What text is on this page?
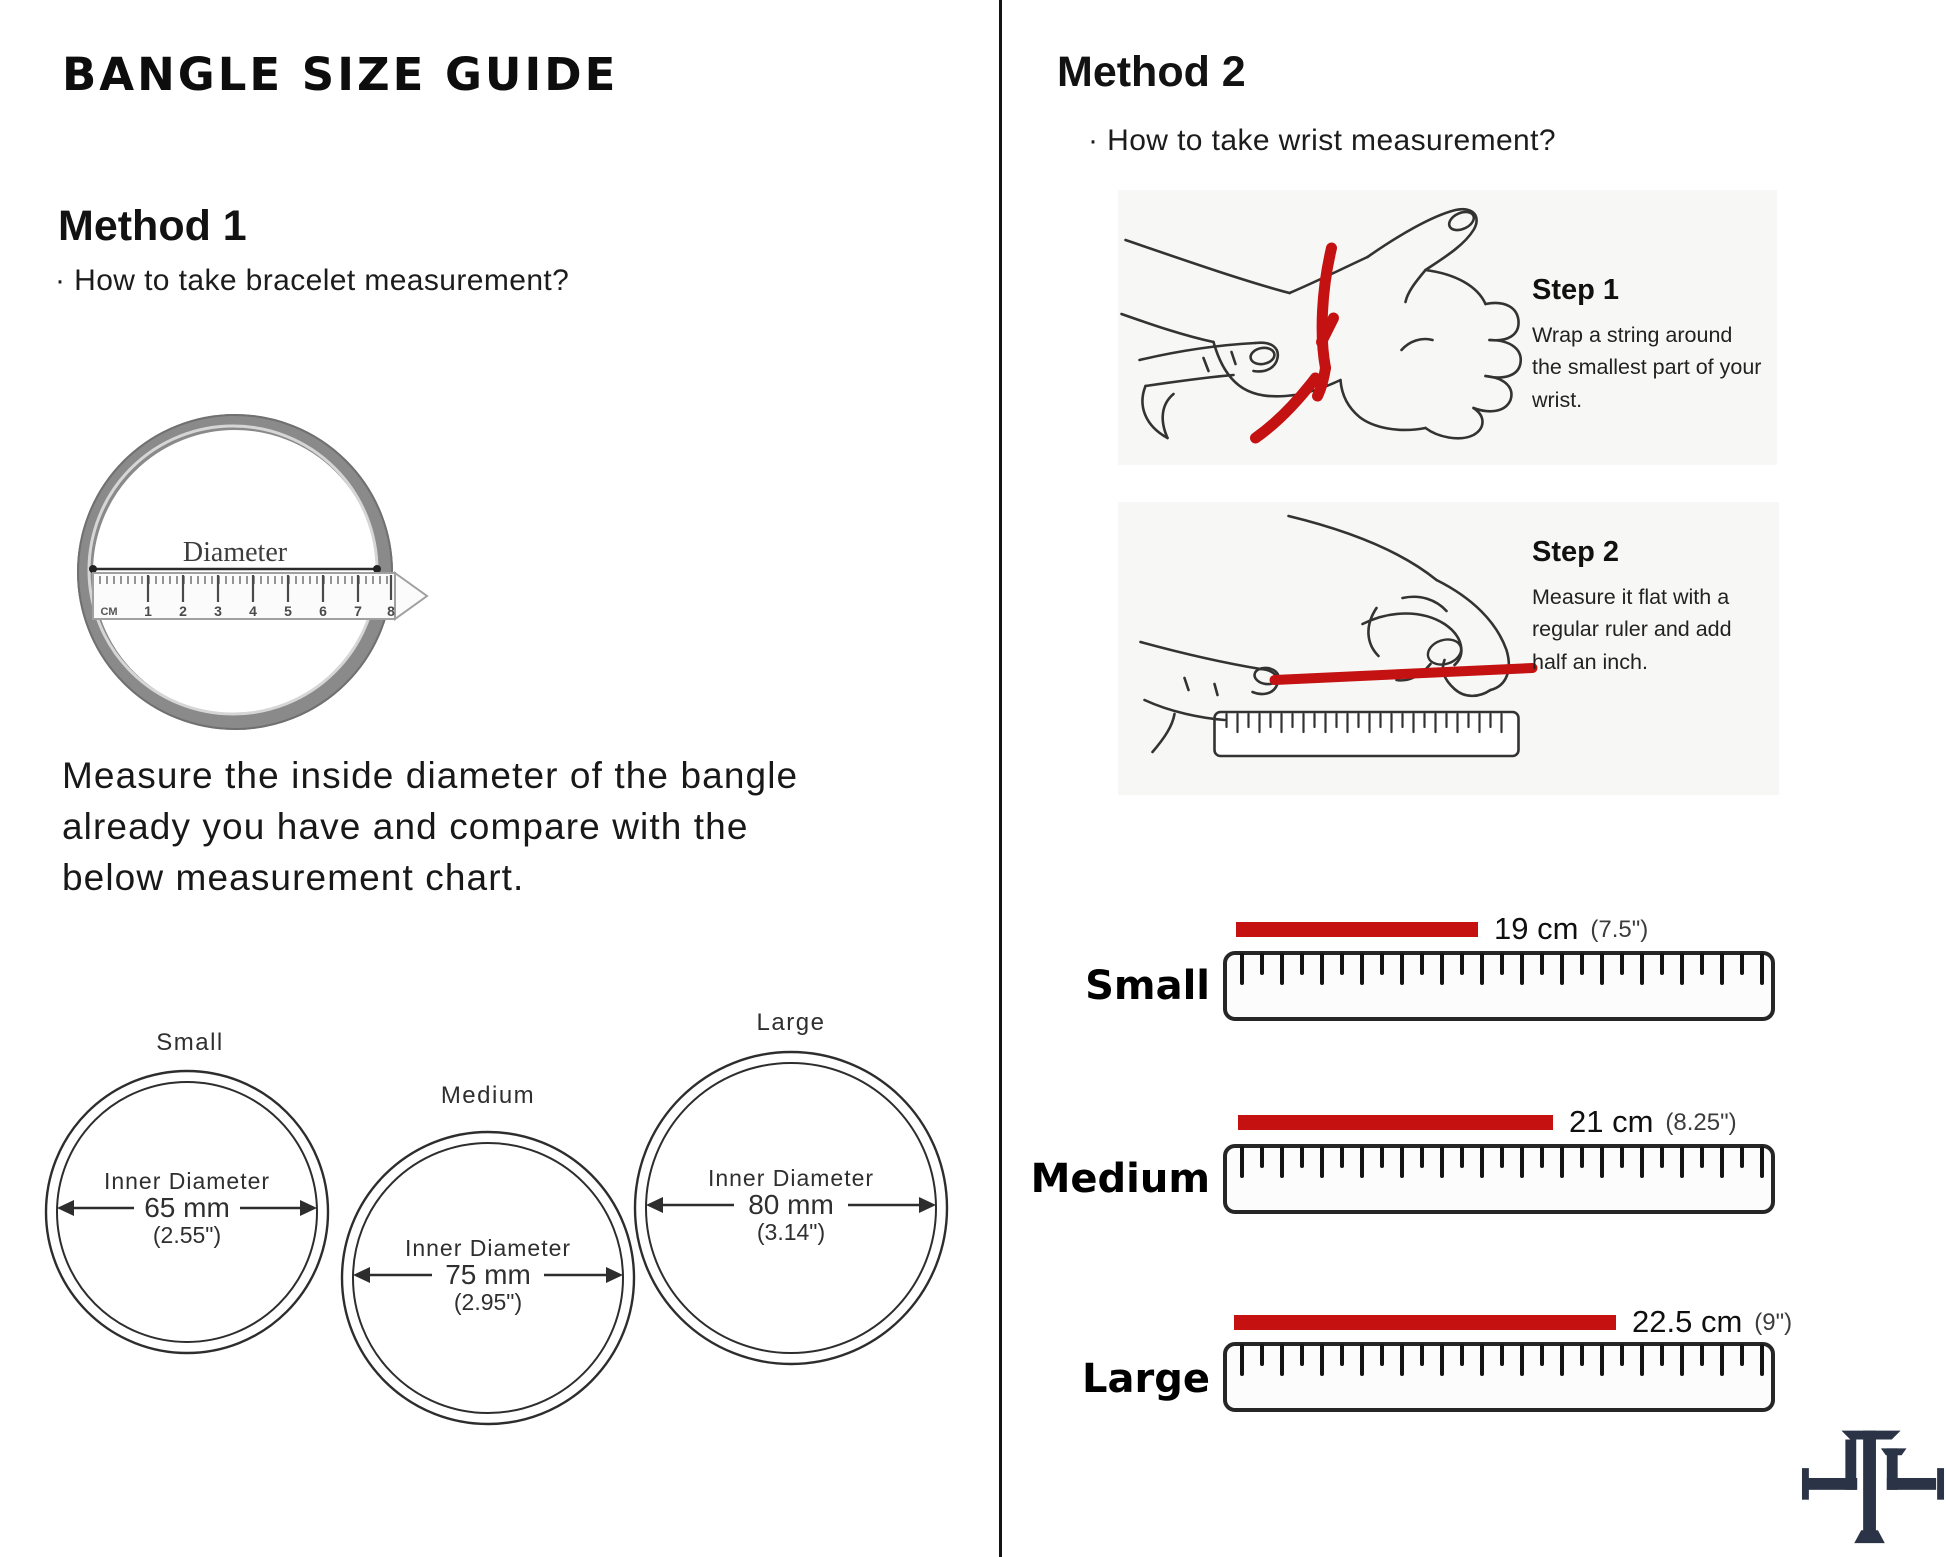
BANGLE SIZE GUIDE
Method 1
· How to take bracelet measurement?
Diameter
CM 1 2 3 4 5 6 7 8
Measure the inside diameter of the bangle already you have and compare with the below measurement chart.
Small
Medium
Large
Inner Diameter
65 mm
(2.55")	Inner Diameter
75 mm
(2.95")
Inner Diameter
80 mm
(3.14")
Method 2
· How to take wrist measurement?
Step 1
Wrap a string around the smallest part of your wrist.
Step 2
Measure it flat with a regular ruler and add half an inch.
Small
Medium
Large
19 cm (7.5")
21 cm (8.25")
22.5 cm (9")
